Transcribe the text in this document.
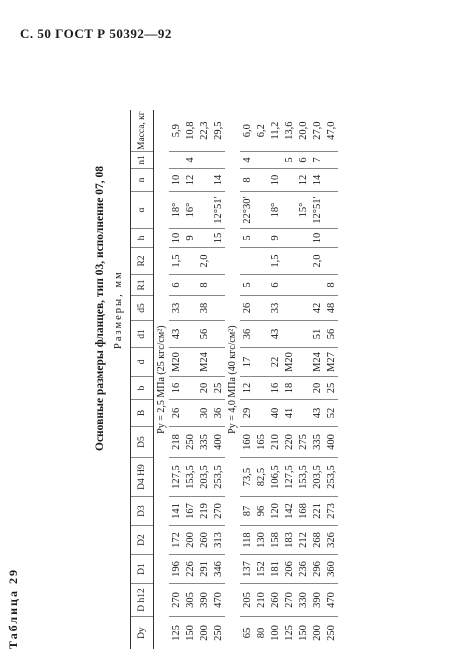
С. 50 ГОСТ Р 50392—92
Таблица 29
Основные размеры фланцев, тип 03, исполнение 07, 08 Размеры, мм
Dy	D h12	D1	D2	D3	D4 H9	D5	B	b	d	d1	d5	R1	R2	h	α	n	n1	Масса, кг
Py = 2,5 МПа (25 кгс/см²)																		
125	270	196	172	141	127,5	218	26	16	M20	43	33	6	1,5	10	18°	10		5,9
150	305	226	200	167	153,5	250								9	16°	12	4	10,8
200	390	291	260	219	203,5	335	30	20	M24	56	38	8	2,0					22,3
250	470	346	313	270	253,5	400	36	25						15	12°51′	14		29,5
Py = 4,0 МПа (40 кгс/см²)																		
65	205	137	118	87	73,5	160	29	12	17	36	26	5		5	22°30′	8	4	6,0
80	210	152	130	96	82,5	165												6,2
100	260	181	158	120	106,5	210	40	16	22	43	33	6	1,5	9	18°	10		11,2
125	270	206	183	142	127,5	220	41	18	M20								5	13,6
150	330	236	212	168	153,5	275									15°	12	6	20,0
200	390	296	268	221	203,5	335	43	20	M24	51	42		2,0	10	12°51′	14	7	27,0
250	470	360	326	273	253,5	400	52	25	M27	56	48	8						47,0
